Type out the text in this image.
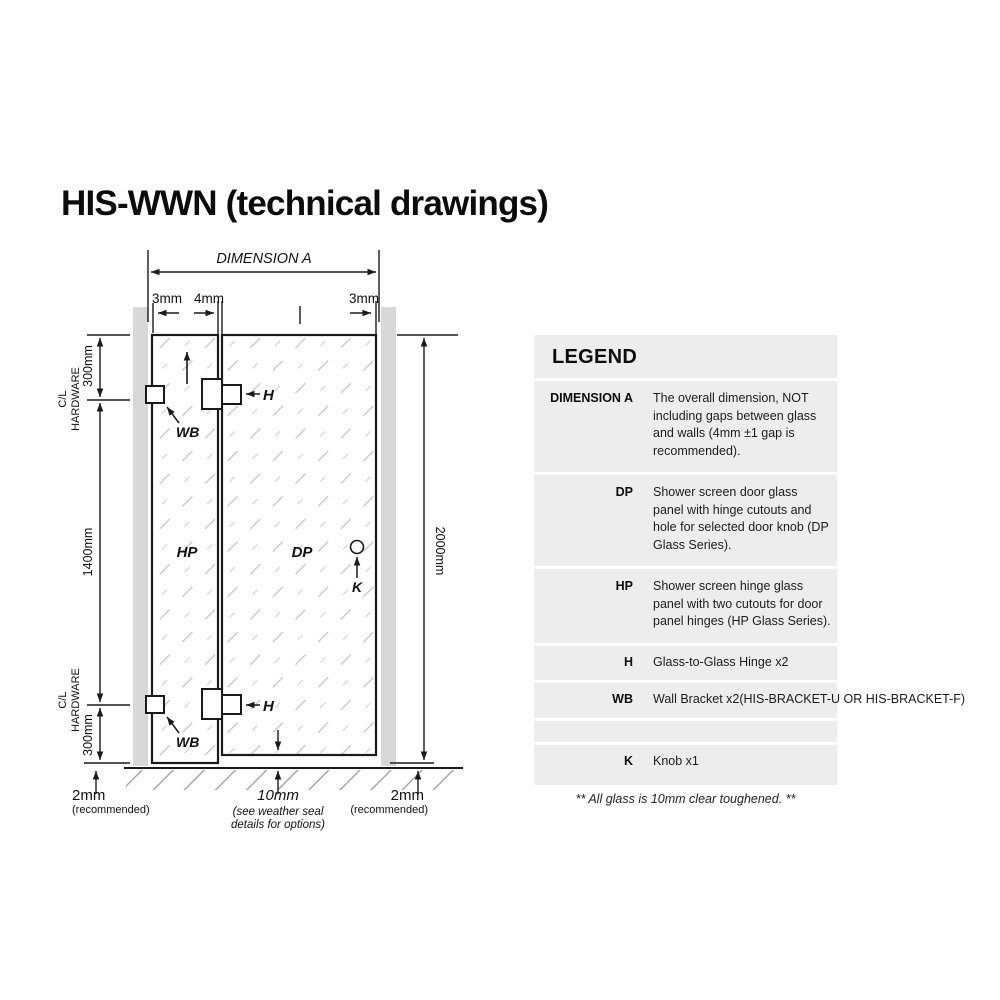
HIS-WWN (technical drawings)
DIMENSION A
3mm 4mm	3mm
300mm
C/L HARDWARE
1400mm
C/L HARDWARE
300mm
2000mm
HP	DP
H
H
WB
WB
K
2mm
(recommended)
10mm
(see weather seal
details for options)
2mm
(recommended)
LEGEND
DIMENSION A The overall dimension, NOT including gaps between glass and walls (4mm ±1 gap is recommended).
DP Shower screen door glass panel with hinge cutouts and hole for selected door knob (DP Glass Series).
HP Shower screen hinge glass panel with two cutouts for door panel hinges (HP Glass Series).
H Glass-to-Glass Hinge x2
WB Wall Bracket x2(HIS-BRACKET-U OR HIS-BRACKET-F)
K Knob x1
** All glass is 10mm clear toughened. **
